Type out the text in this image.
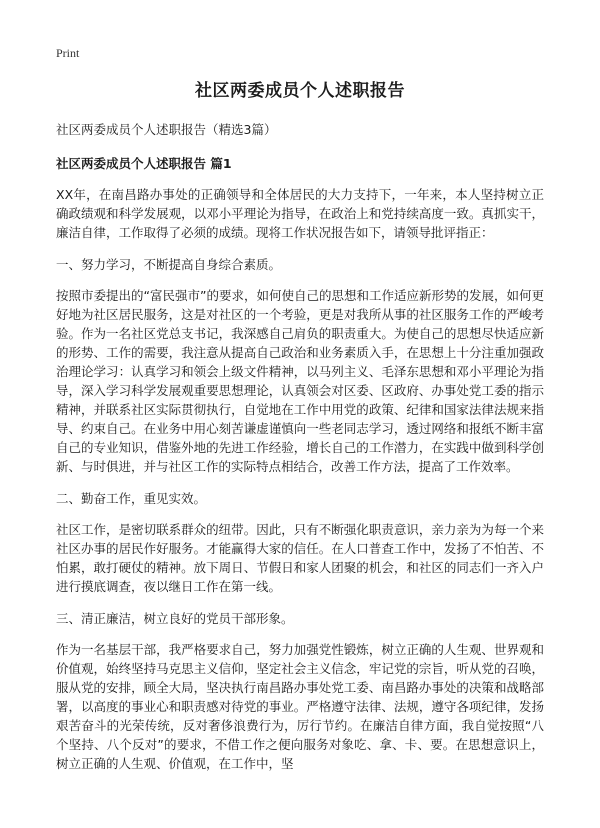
Print
社区两委成员个人述职报告
社区两委成员个人述职报告（精选3篇）
社区两委成员个人述职报告 篇1

XX年，在南昌路办事处的正确领导和全体居民的大力支持下，一年来，本人坚持树立正确政绩观和科学发展观，以邓小平理论为指导，在政治上和党持续高度一致。真抓实干，廉洁自律，工作取得了必须的成绩。现将工作状况报告如下，请领导批评指正：

一、努力学习，不断提高自身综合素质。

按照市委提出的“富民强市”的要求，如何使自己的思想和工作适应新形势的发展，如何更好地为社区居民服务，这是对社区的一个考验，更是对我所从事的社区服务工作的严峻考验。作为一名社区党总支书记，我深感自己肩负的职责重大。为使自己的思想尽快适应新的形势、工作的需要，我注意从提高自己政治和业务素质入手，在思想上十分注重加强政治理论学习：认真学习和领会上级文件精神，以马列主义、毛泽东思想和邓小平理论为指导，深入学习科学发展观重要思想理论，认真领会对区委、区政府、办事处党工委的指示精神，并联系社区实际贯彻执行，自觉地在工作中用党的政策、纪律和国家法律法规来指导、约束自己。在业务中用心刻苦谦虚谨慎向一些老同志学习，透过网络和报纸不断丰富自己的专业知识，借鉴外地的先进工作经验，增长自己的工作潜力，在实践中做到科学创新、与时俱进，并与社区工作的实际特点相结合，改善工作方法，提高了工作效率。

二、勤奋工作，重见实效。

社区工作，是密切联系群众的纽带。因此，只有不断强化职责意识，亲力亲为为每一个来社区办事的居民作好服务。才能赢得大家的信任。在人口普查工作中，发扬了不怕苦、不怕累，敢打硬仗的精神。放下周日、节假日和家人团聚的机会，和社区的同志们一齐入户进行摸底调查，夜以继日工作在第一线。

三、清正廉洁，树立良好的党员干部形象。

作为一名基层干部，我严格要求自己，努力加强党性锻炼，树立正确的人生观、世界观和价值观，始终坚持马克思主义信仰，坚定社会主义信念，牢记党的宗旨，听从党的召唤，服从党的安排，顾全大局，坚决执行南昌路办事处党工委、南昌路办事处的决策和战略部署，以高度的事业心和职责感对待党的事业。严格遵守法律、法规，遵守各项纪律，发扬艰苦奋斗的光荣传统，反对奢侈浪费行为，厉行节约。在廉洁自律方面，我自觉按照“八个坚持、八个反对”的要求，不借工作之便向服务对象吃、拿、卡、要。在思想意识上，树立正确的人生观、价值观，在工作中，坚
